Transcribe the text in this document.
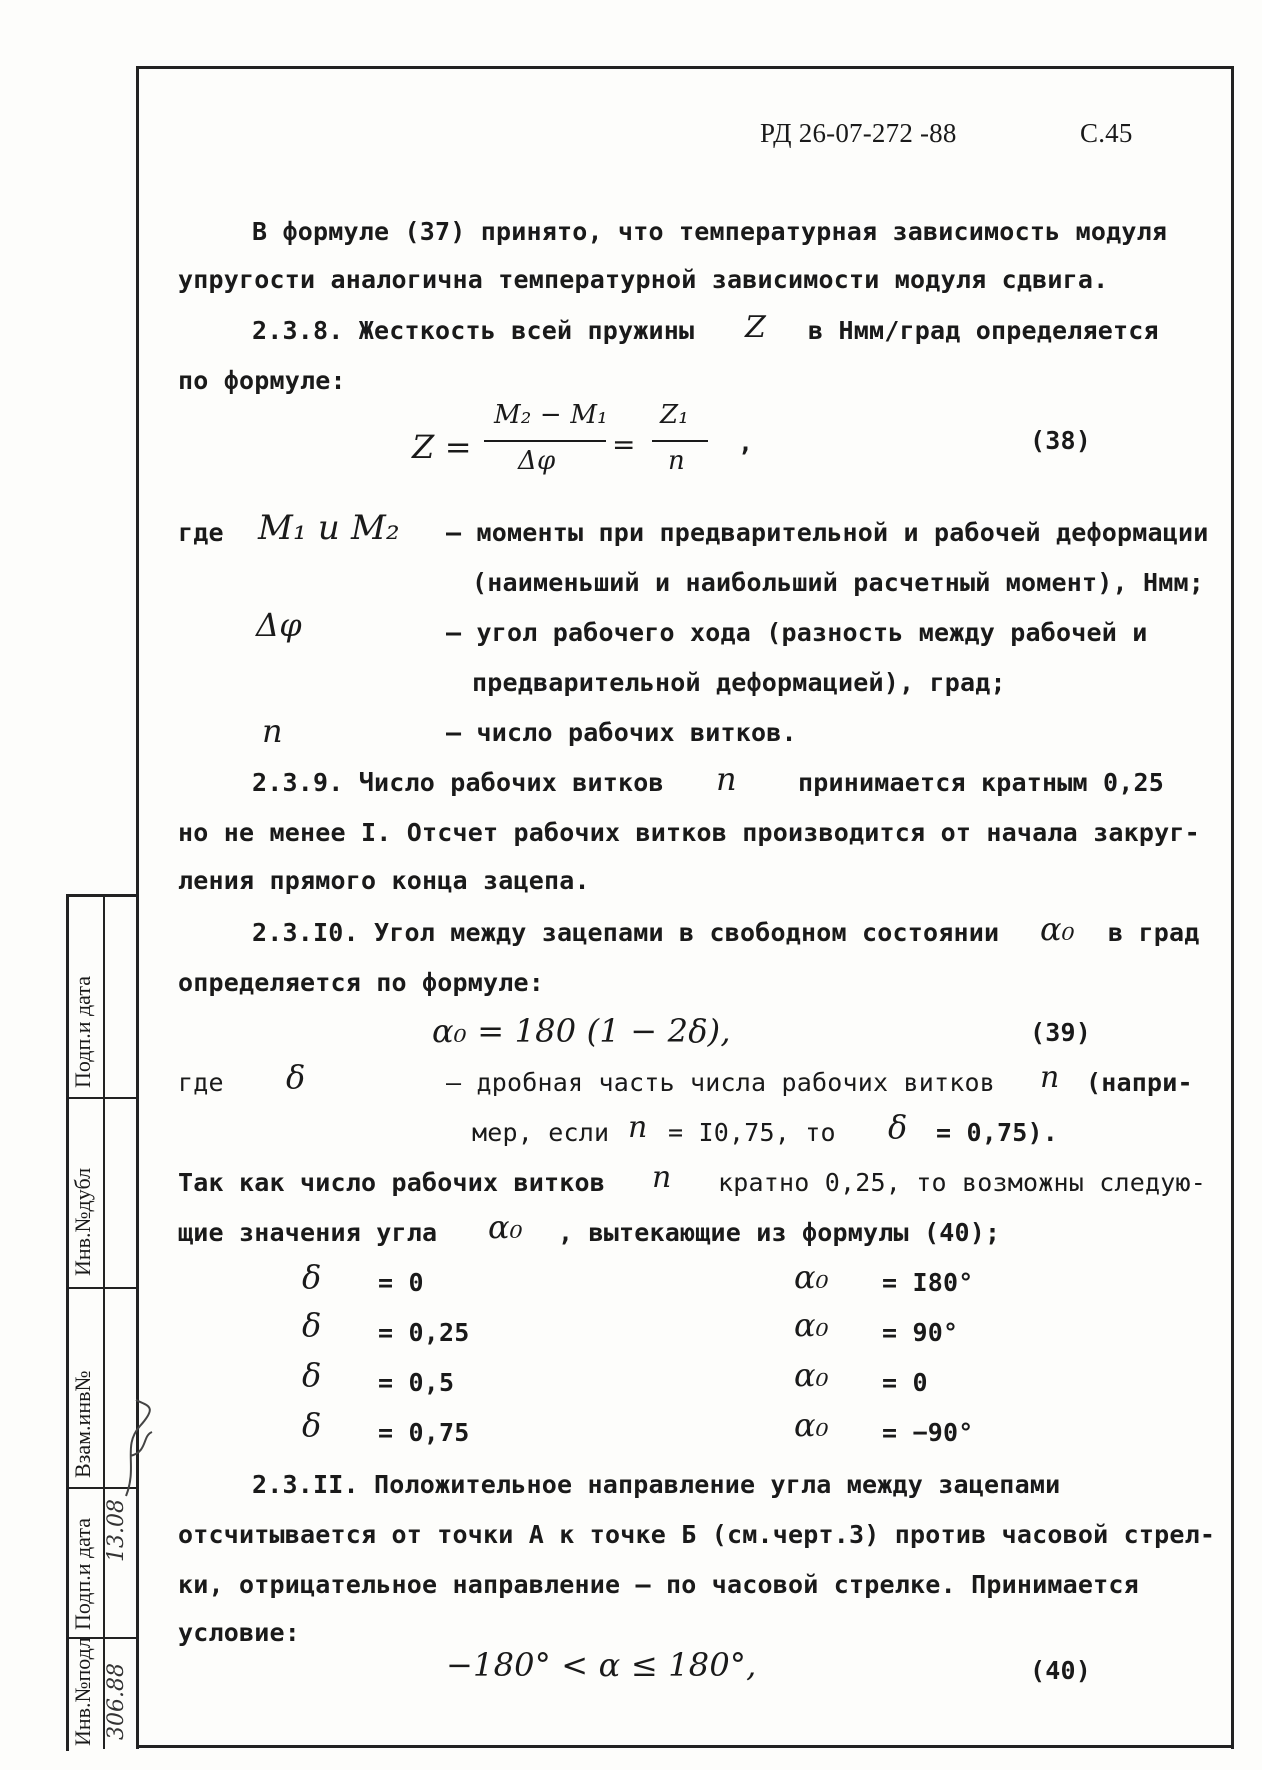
РД 26-07-272 -88	С.45
В формуле (37) принято, что температурная зависимость модуля
упругости аналогична температурной зависимости модуля сдвига.
2.3.8. Жесткость всей пружины Z в Нмм/град определяется
по формуле:
Z =
M₂ − M₁
Δφ =
Z₁
n
,	(38)
где M₁ и M₂ – моменты при предварительной и рабочей деформации
(наименьший и наибольший расчетный момент), Нмм;
Δφ	– угол рабочего хода (разность между рабочей и
предварительной деформацией), град;
n	– число рабочих витков.
2.3.9. Число рабочих витков n принимается кратным 0,25
но не менее I. Отсчет рабочих витков производится от начала закруг-
ления прямого конца зацепа.
2.3.I0. Угол между зацепами в свободном состоянии α₀ в град
определяется по формуле:
α₀ = 180 (1 − 2δ),	(39)
где δ	– дробная часть числа рабочих витков n (напри-
мер, если n = I0,75, то δ = 0,75).
Так как число рабочих витков n кратно 0,25, то возможны следую-
щие значения угла α₀ , вытекающие из формулы (40);
δ = 0	α₀ = I80°
δ = 0,25	α₀ = 90°
δ = 0,5	α₀ = 0
δ = 0,75	α₀ = −90°
2.3.II. Положительное направление угла между зацепами
отсчитывается от точки А к точке Б (см.черт.3) против часовой стрел-
ки, отрицательное направление – по часовой стрелке. Принимается
условие:
−180° < α ≤ 180°,	(40)
Подп.и дата
Инв.№дубл
Взам.инв№
Подп.и дата
Инв.№подл
13.08
306.88
